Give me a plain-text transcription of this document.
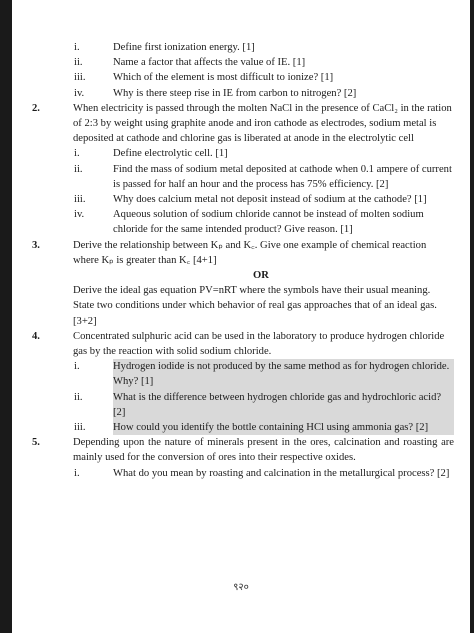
i.	Define first ionization energy. [1]
ii.	Name a factor that affects the value of IE. [1]
iii.	Which of the element is most difficult to ionize? [1]
iv.	Why is there steep rise in IE from carbon to nitrogen? [2]
2.	When electricity is passed through the molten NaCl in the presence of CaCl₂ in the ration of 2:3 by weight using graphite anode and iron cathode as electrodes, sodium metal is deposited at cathode and chlorine gas is liberated at anode in the electrolytic cell
i.	Define electrolytic cell. [1]
ii.	Find the mass of sodium metal deposited at cathode when 0.1 ampere of current is passed for half an hour and the process has 75% efficiency. [2]
iii.	Why does calcium metal not deposit instead of sodium at the cathode? [1]
iv.	Aqueous solution of sodium chloride cannot be instead of molten sodium chloride for the same intended product? Give reason. [1]
3.	Derive the relationship between Kₚ and K꜀. Give one example of chemical reaction where Kₚ is greater than K꜀ [4+1]
OR
Derive the ideal gas equation PV=nRT where the symbols have their usual meaning. State two conditions under which behavior of real gas approaches that of an ideal gas. [3+2]
4.	Concentrated sulphuric acid can be used in the laboratory to produce hydrogen chloride gas by the reaction with solid sodium chloride.
i.	Hydrogen iodide is not produced by the same method as for hydrogen chloride. Why? [1]
ii.	What is the difference between hydrogen chloride gas and hydrochloric acid? [2]
iii.	How could you identify the bottle containing HCl using ammonia gas? [2]
5.	Depending upon the nature of minerals present in the ores, calcination and roasting are mainly used for the conversion of ores into their respective oxides.
i.	What do you mean by roasting and calcination in the metallurgical process? [2]
९२०
